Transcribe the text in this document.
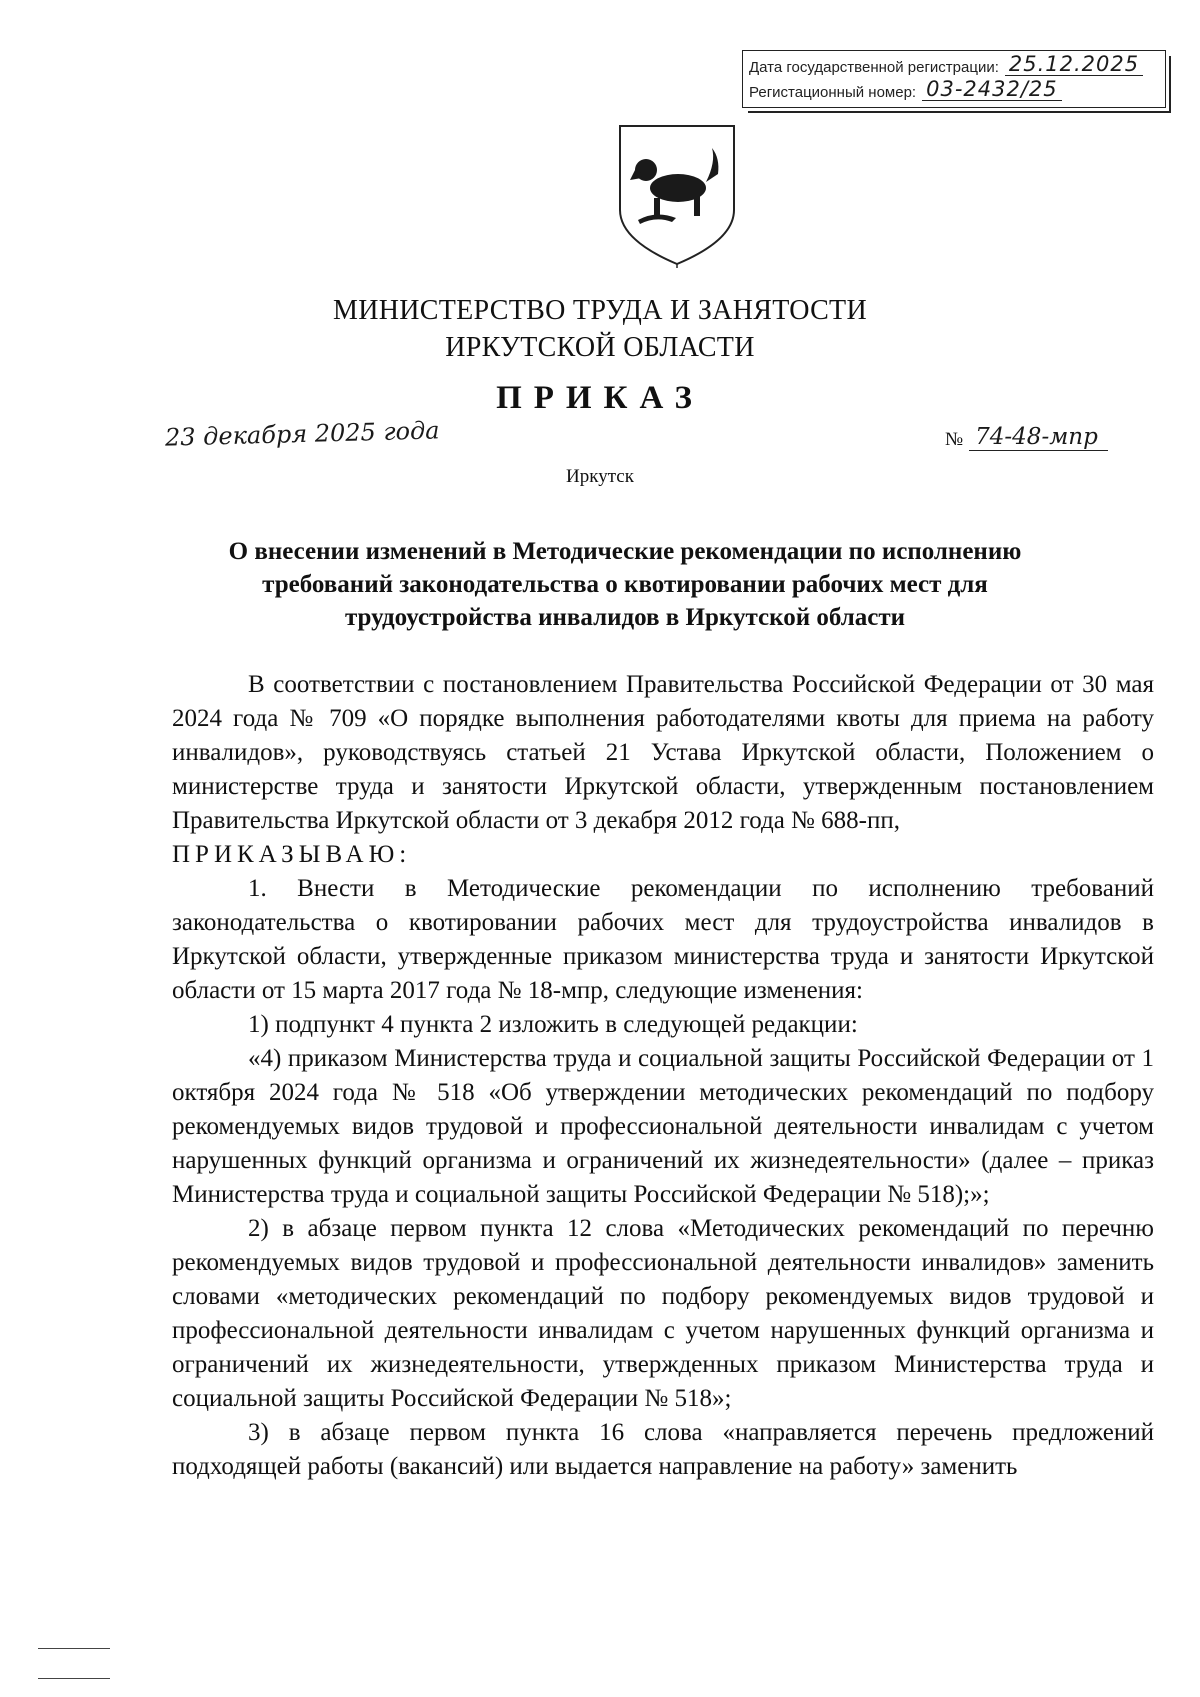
Дата государственной регистрации: 25.12.2025
Регистационный номер: 03-2432/25
МИНИСТЕРСТВО ТРУДА И ЗАНЯТОСТИ
ИРКУТСКОЙ ОБЛАСТИ
ПРИКАЗ
23 декабря 2025 года	№ 74-48-мпр
Иркутск
О внесении изменений в Методические рекомендации по исполнению требований законодательства о квотировании рабочих мест для трудоустройства инвалидов в Иркутской области

В соответствии с постановлением Правительства Российской Федерации от 30 мая 2024 года № 709 «О порядке выполнения работодателями квоты для приема на работу инвалидов», руководствуясь статьей 21 Устава Иркутской области, Положением о министерстве труда и занятости Иркутской области, утвержденным постановлением Правительства Иркутской области от 3 декабря 2012 года № 688-пп,

ПРИКАЗЫВАЮ:

1. Внести в Методические рекомендации по исполнению требований законодательства о квотировании рабочих мест для трудоустройства инвалидов в Иркутской области, утвержденные приказом министерства труда и занятости Иркутской области от 15 марта 2017 года № 18-мпр, следующие изменения:

1) подпункт 4 пункта 2 изложить в следующей редакции:

«4) приказом Министерства труда и социальной защиты Российской Федерации от 1 октября 2024 года № 518 «Об утверждении методических рекомендаций по подбору рекомендуемых видов трудовой и профессиональной деятельности инвалидам с учетом нарушенных функций организма и ограничений их жизнедеятельности» (далее – приказ Министерства труда и социальной защиты Российской Федерации № 518);»;

2) в абзаце первом пункта 12 слова «Методических рекомендаций по перечню рекомендуемых видов трудовой и профессиональной деятельности инвалидов» заменить словами «методических рекомендаций по подбору рекомендуемых видов трудовой и профессиональной деятельности инвалидам с учетом нарушенных функций организма и ограничений их жизнедеятельности, утвержденных приказом Министерства труда и социальной защиты Российской Федерации № 518»;

3) в абзаце первом пункта 16 слова «направляется перечень предложений подходящей работы (вакансий) или выдается направление на работу» заменить
